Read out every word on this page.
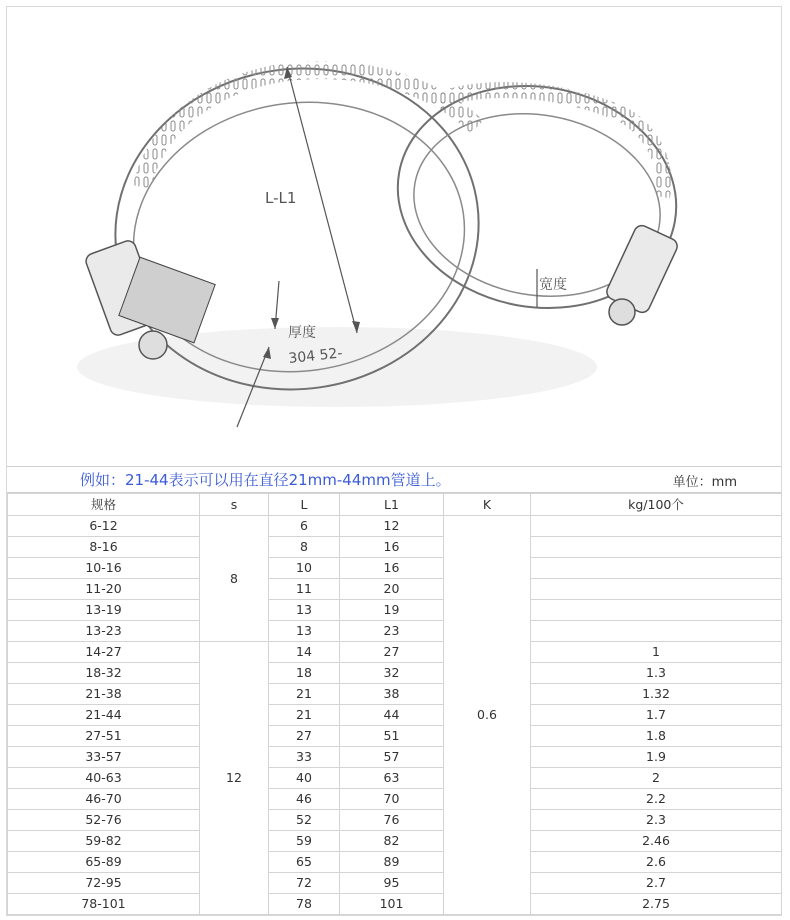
L-L1
厚度
宽度
304 52-
例如：21-44表示可以用在直径21mm-44mm管道上。	单位：mm
规格	s	L	L1	K	kg/100个
6-12	8	6	12	0.6	
8-16		8	16		
10-16		10	16		
11-20		11	20		
13-19		13	19		
13-23		13	23		
14-27	12	14	27		1
18-32		18	32		1.3
21-38		21	38		1.32
21-44		21	44		1.7
27-51		27	51		1.8
33-57		33	57		1.9
40-63		40	63		2
46-70		46	70		2.2
52-76		52	76		2.3
59-82		59	82		2.46
65-89		65	89		2.6
72-95		72	95		2.7
78-101		78	101		2.75
